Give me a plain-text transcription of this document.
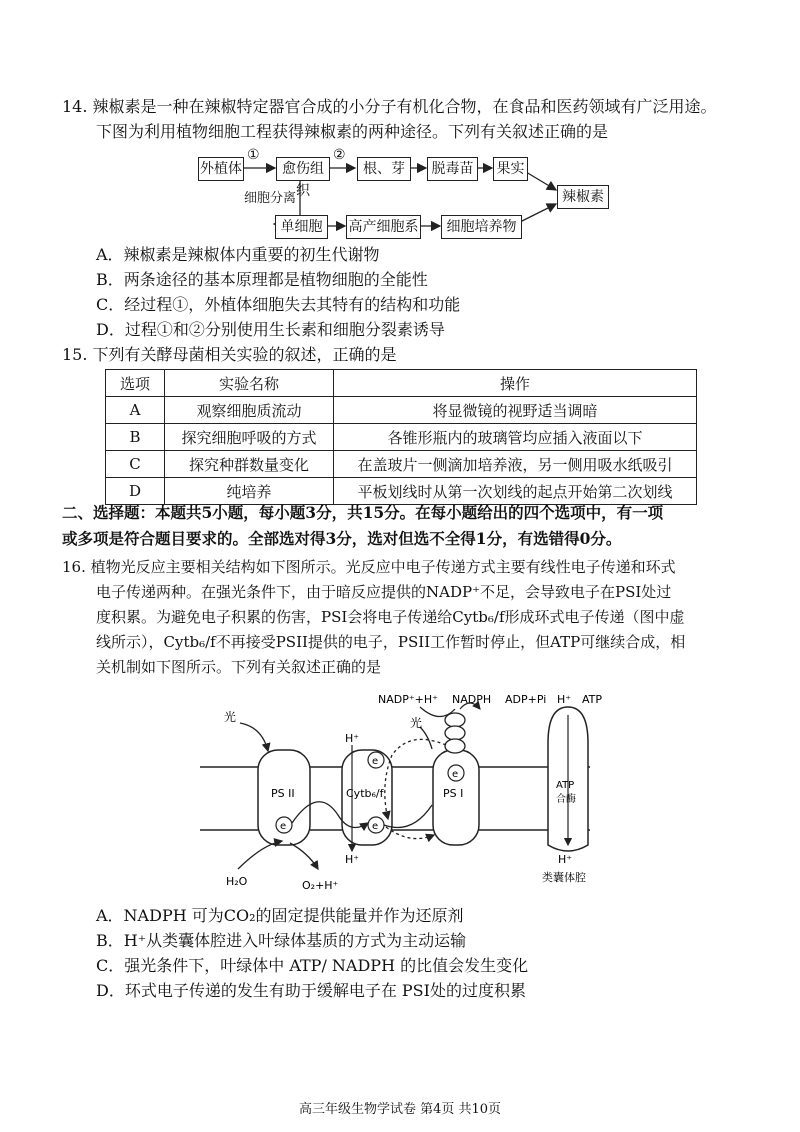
14. 辣椒素是一种在辣椒特定器官合成的小分子有机化合物，在食品和医药领域有广泛用途。
下图为利用植物细胞工程获得辣椒素的两种途径。下列有关叙述正确的是
外植体	愈伤组织
根、芽	脱毒苗	果实
辣椒素
单细胞	高产细胞系	细胞培养物
①	②
细胞分离
A．辣椒素是辣椒体内重要的初生代谢物
B．两条途径的基本原理都是植物细胞的全能性
C．经过程①，外植体细胞失去其特有的结构和功能
D．过程①和②分别使用生长素和细胞分裂素诱导
15. 下列有关酵母菌相关实验的叙述，正确的是
选项	实验名称	操作
A	观察细胞质流动	将显微镜的视野适当调暗
B	探究细胞呼吸的方式	各锥形瓶内的玻璃管均应插入液面以下
C	探究种群数量变化	在盖玻片一侧滴加培养液，另一侧用吸水纸吸引
D	纯培养	平板划线时从第一次划线的起点开始第二次划线
二、选择题：本题共5小题，每小题3分，共15分。在每小题给出的四个选项中，有一项
或多项是符合题目要求的。全部选对得3分，选对但选不全得1分，有选错得0分。
16. 植物光反应主要相关结构如下图所示。光反应中电子传递方式主要有线性电子传递和环式
电子传递两种。在强光条件下，由于暗反应提供的NADP⁺不足，会导致电子在PSI处过
度积累。为避免电子积累的伤害，PSI会将电子传递给Cytb₆/f形成环式电子传递（图中虚
线所示），Cytb₆/f不再接受PSII提供的电子，PSII工作暂时停止，但ATP可继续合成，相
关机制如下图所示。下列有关叙述正确的是
PS II	Cytb₆/f	PS I
ATP
合酶
e
e
e
e
光	光
H⁺
H⁺
NADP⁺+H⁺ NADPH ADP+Pi	ATP
H⁺
H⁺
H₂O	O₂+H⁺
类囊体腔
A．NADPH 可为CO₂的固定提供能量并作为还原剂
B．H⁺从类囊体腔进入叶绿体基质的方式为主动运输
C．强光条件下，叶绿体中 ATP/ NADPH 的比值会发生变化
D．环式电子传递的发生有助于缓解电子在 PSI处的过度积累
高三年级生物学试卷 第4页 共10页
